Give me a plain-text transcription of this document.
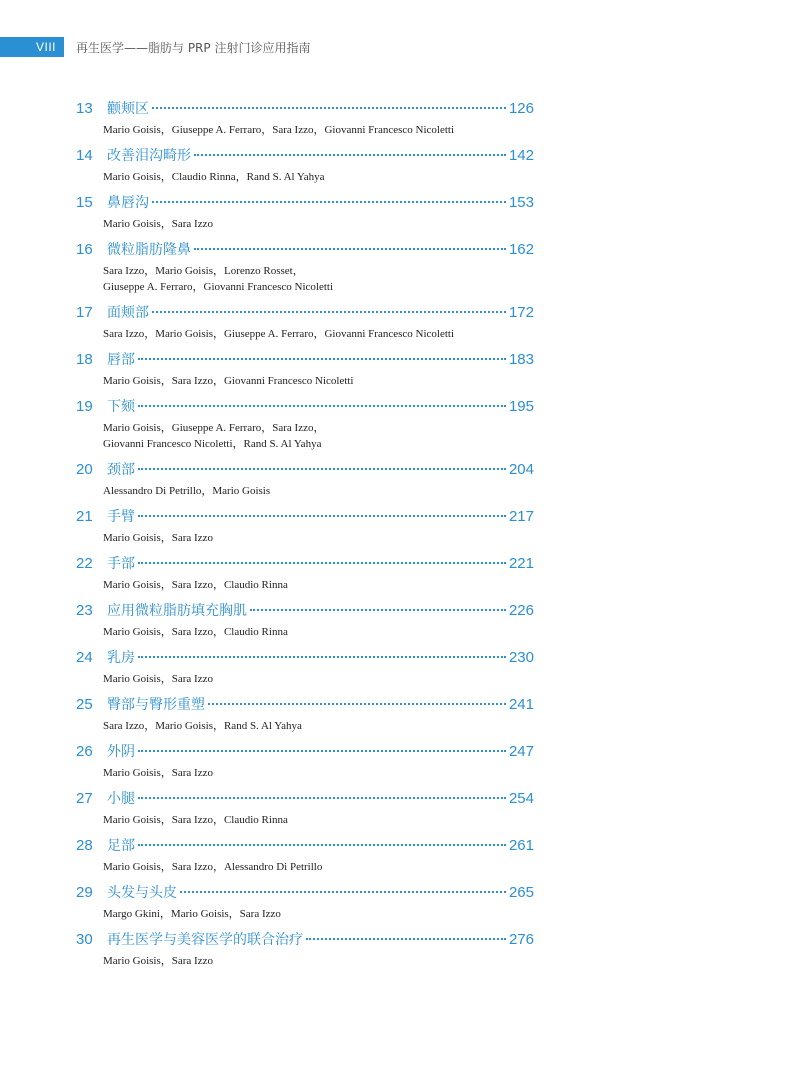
VIII	再生医学——脂肪与 PRP 注射门诊应用指南
13	颧颊区	126
Mario Goisis，Giuseppe A. Ferraro，Sara Izzo，Giovanni Francesco Nicoletti
14	改善泪沟畸形	142
Mario Goisis，Claudio Rinna，Rand S. Al Yahya
15	鼻唇沟	153
Mario Goisis，Sara Izzo
16	微粒脂肪隆鼻	162
Sara Izzo，Mario Goisis，Lorenzo Rosset，
Giuseppe A. Ferraro，Giovanni Francesco Nicoletti
17	面颊部	172
Sara Izzo，Mario Goisis，Giuseppe A. Ferraro，Giovanni Francesco Nicoletti
18	唇部	183
Mario Goisis，Sara Izzo，Giovanni Francesco Nicoletti
19	下颏	195
Mario Goisis，Giuseppe A. Ferraro，Sara Izzo，
Giovanni Francesco Nicoletti，Rand S. Al Yahya
20	颈部	204
Alessandro Di Petrillo，Mario Goisis
21	手臂	217
Mario Goisis，Sara Izzo
22	手部	221
Mario Goisis，Sara Izzo，Claudio Rinna
23	应用微粒脂肪填充胸肌	226
Mario Goisis，Sara Izzo，Claudio Rinna
24	乳房	230
Mario Goisis，Sara Izzo
25	臀部与臀形重塑	241
Sara Izzo，Mario Goisis，Rand S. Al Yahya
26	外阴	247
Mario Goisis，Sara Izzo
27	小腿	254
Mario Goisis，Sara Izzo，Claudio Rinna
28	足部	261
Mario Goisis，Sara Izzo，Alessandro Di Petrillo
29	头发与头皮	265
Margo Gkini，Mario Goisis，Sara Izzo
30	再生医学与美容医学的联合治疗	276
Mario Goisis，Sara Izzo
